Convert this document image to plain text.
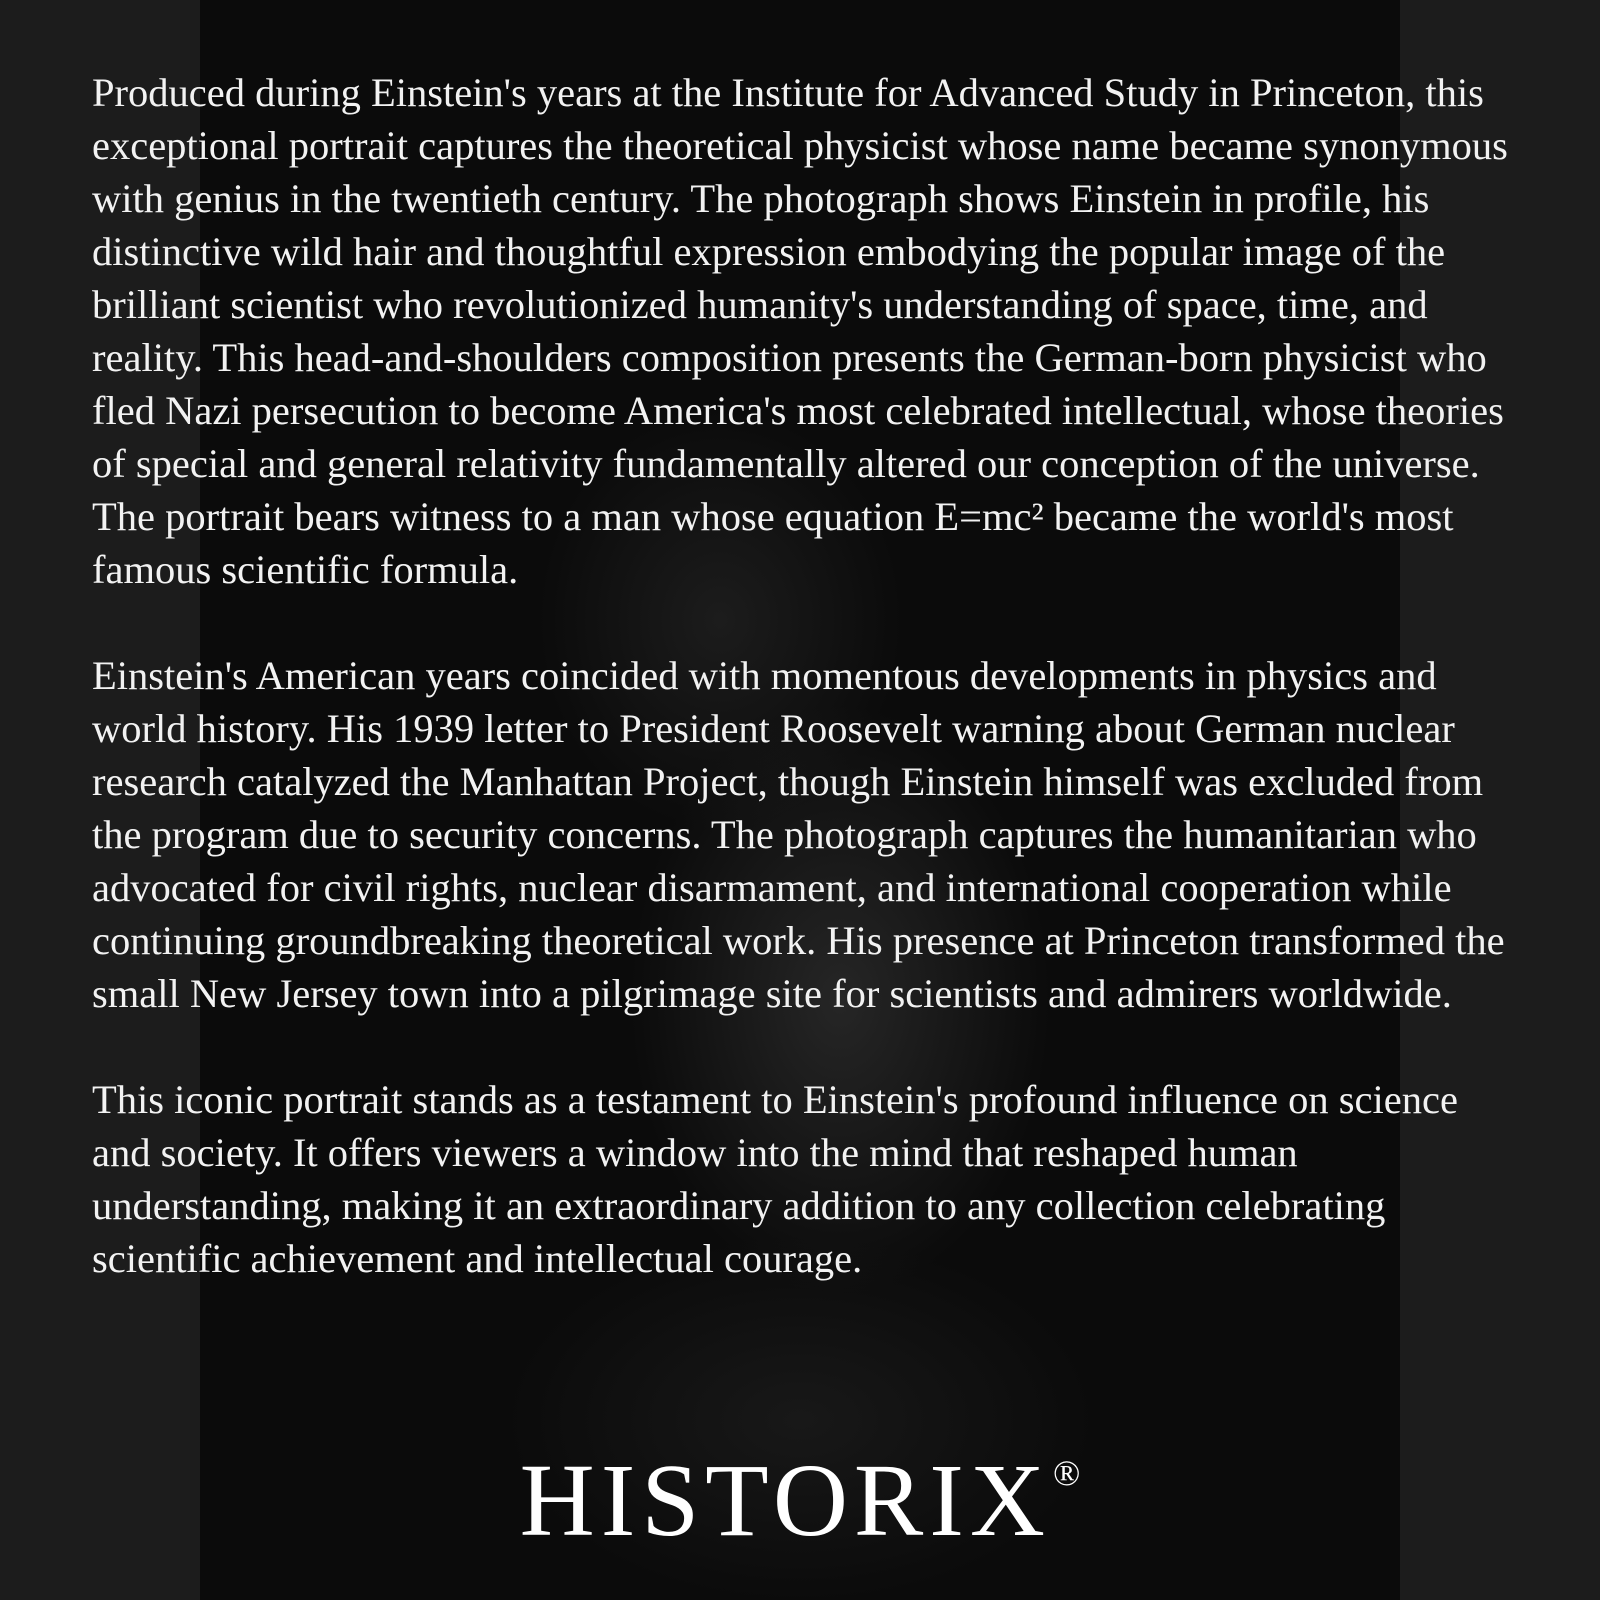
Produced during Einstein's years at the Institute for Advanced Study in Princeton, this exceptional portrait captures the theoretical physicist whose name became synonymous with genius in the twentieth century. The photograph shows Einstein in profile, his distinctive wild hair and thoughtful expression embodying the popular image of the brilliant scientist who revolutionized humanity's understanding of space, time, and reality. This head-and-shoulders composition presents the German-born physicist who fled Nazi persecution to become America's most celebrated intellectual, whose theories of special and general relativity fundamentally altered our conception of the universe. The portrait bears witness to a man whose equation E=mc² became the world's most famous scientific formula.

Einstein's American years coincided with momentous developments in physics and world history. His 1939 letter to President Roosevelt warning about German nuclear research catalyzed the Manhattan Project, though Einstein himself was excluded from the program due to security concerns. The photograph captures the humanitarian who advocated for civil rights, nuclear disarmament, and international cooperation while continuing groundbreaking theoretical work. His presence at Princeton transformed the small New Jersey town into a pilgrimage site for scientists and admirers worldwide.

This iconic portrait stands as a testament to Einstein's profound influence on science and society. It offers viewers a window into the mind that reshaped human understanding, making it an extraordinary addition to any collection celebrating scientific achievement and intellectual courage.

HISTORIX®
